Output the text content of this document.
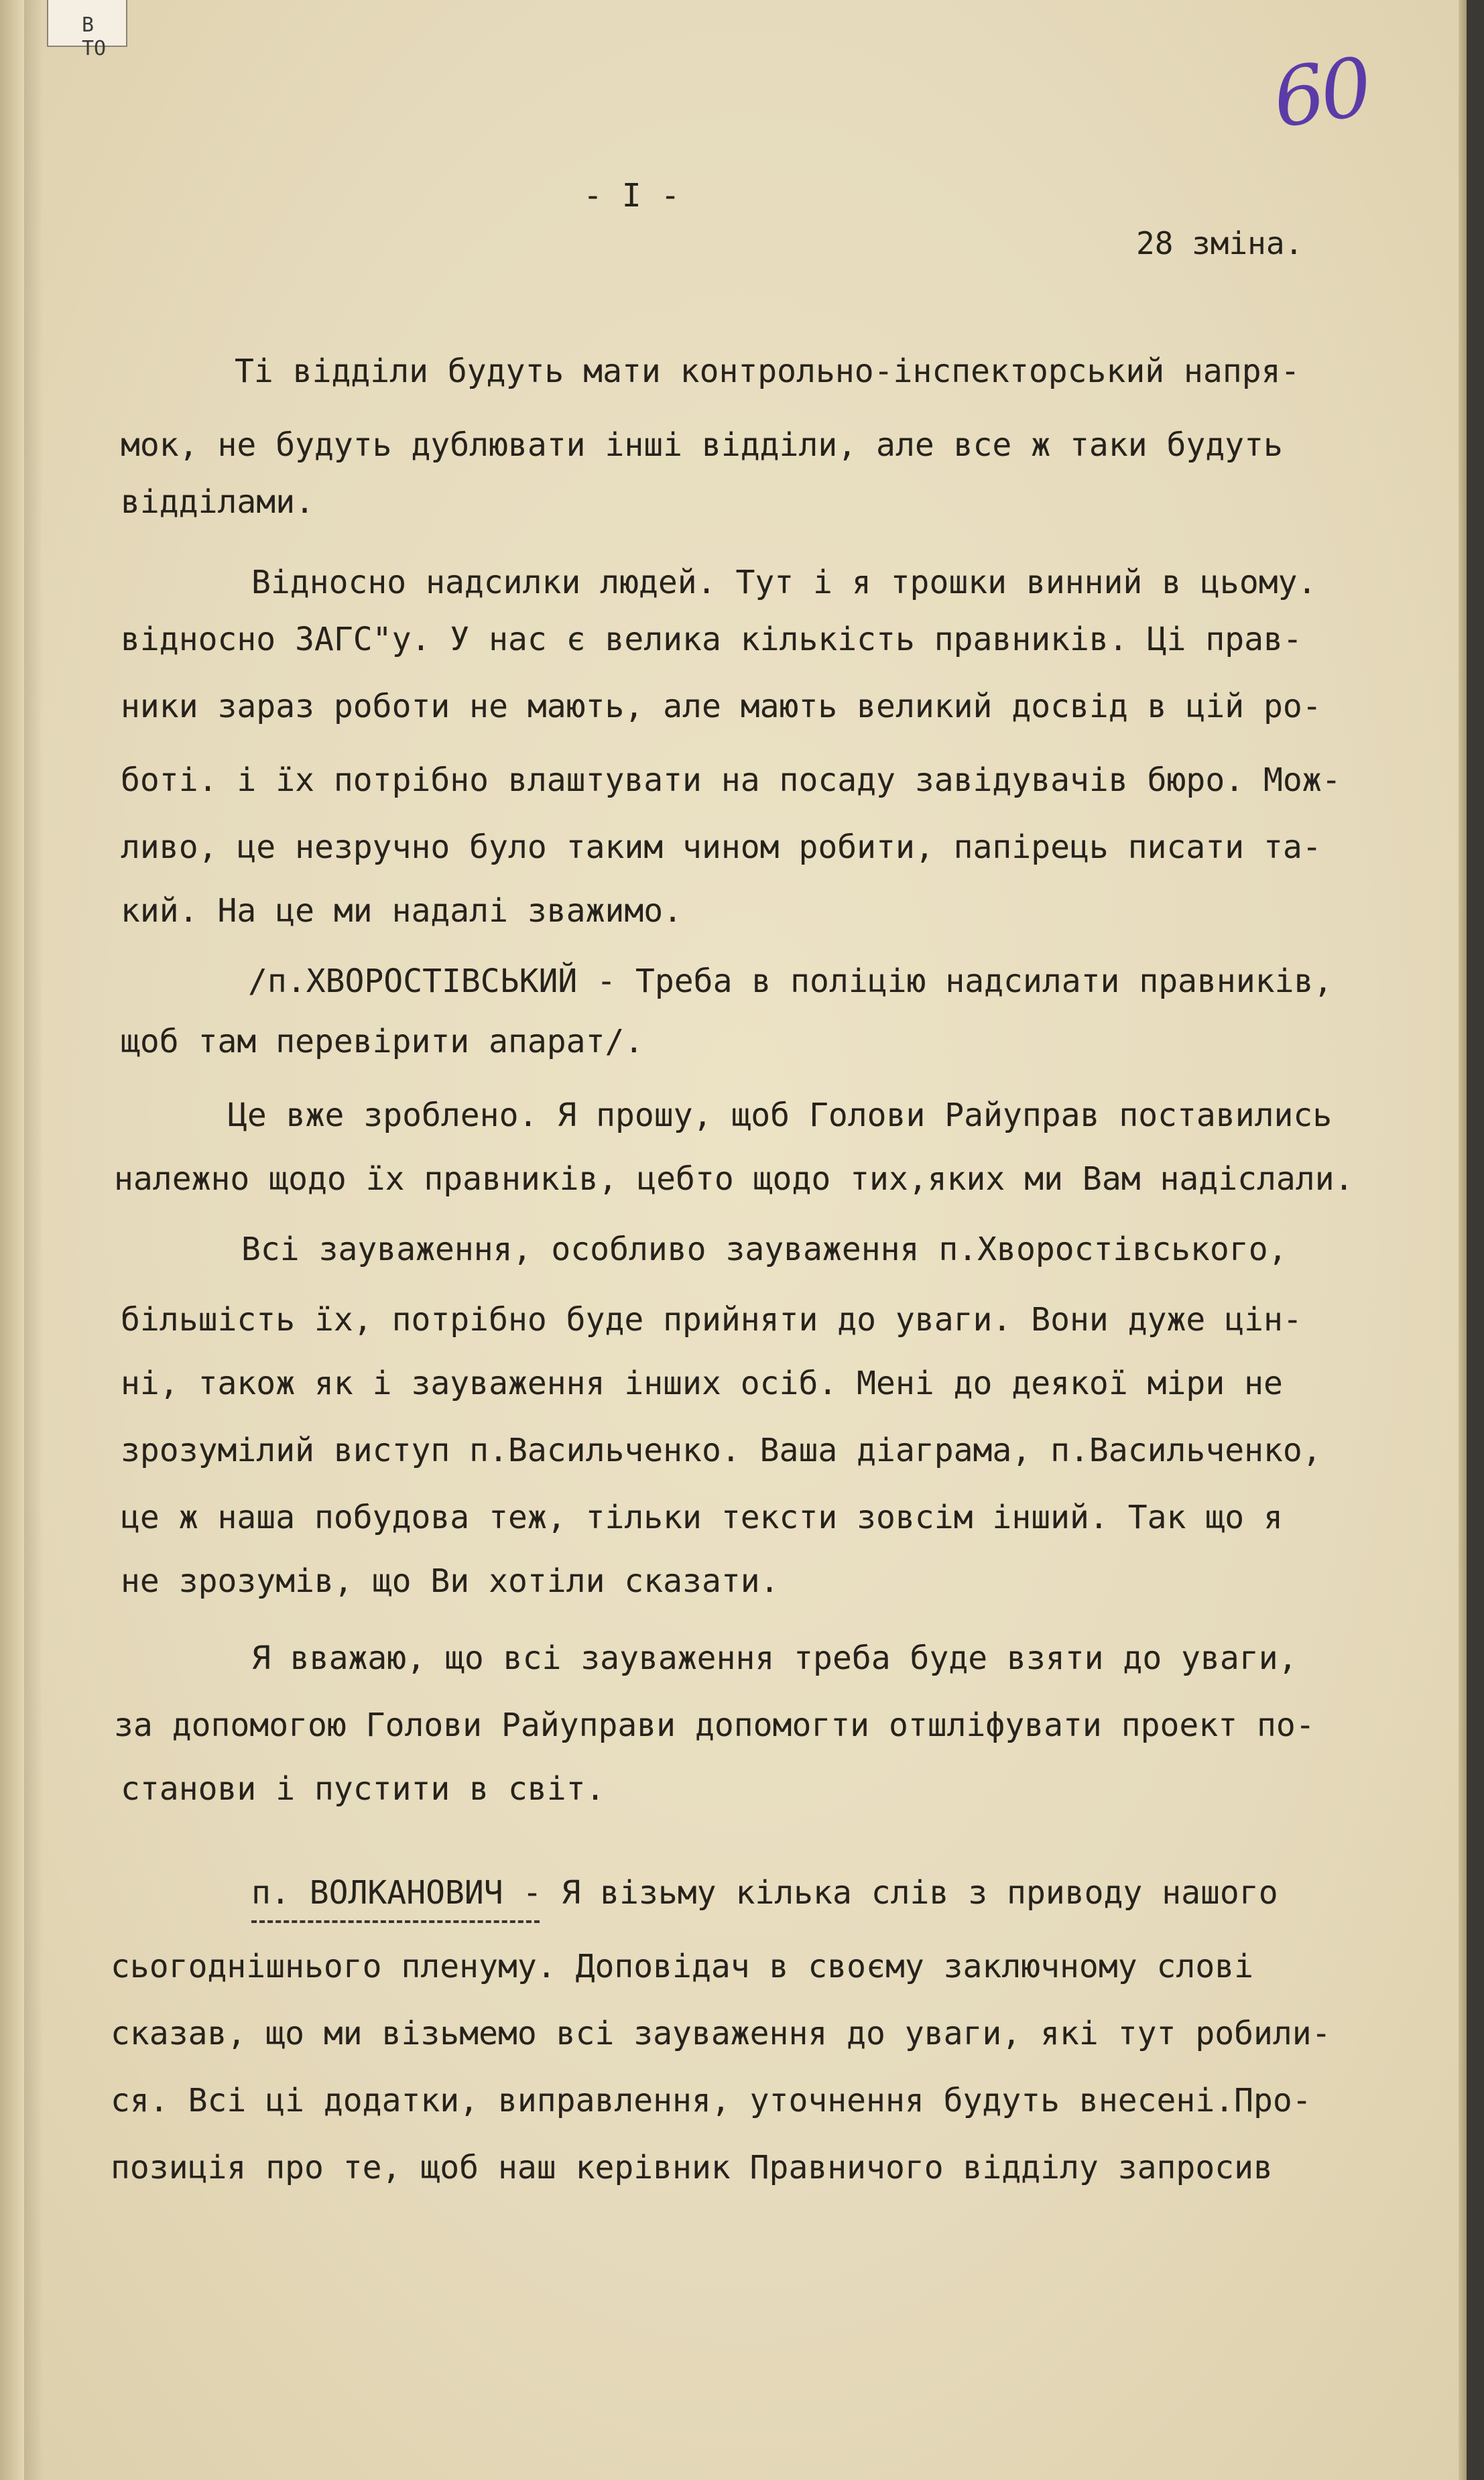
В ТО	60
- I -
28 зміна.
Ті відділи будуть мати контрольно-інспекторський напря-
мок, не будуть дублювати інші відділи, але все ж таки будуть
відділами.
Відносно надсилки людей. Тут і я трошки винний в цьому.
відносно ЗАГС"у. У нас є велика кількість правників. Ці прав-
ники зараз роботи не мають, але мають великий досвід в цій ро-
боті. і їх потрібно влаштувати на посаду завідувачів бюро. Мож-
ливо, це незручно було таким чином робити, папірець писати та-
кий. На це ми надалі зважимо.
/п.ХВОРОСТІВСЬКИЙ - Треба в поліцію надсилати правників,
щоб там перевірити апарат/.
Це вже зроблено. Я прошу, щоб Голови Райуправ поставились
належно щодо їх правників, цебто щодо тих,яких ми Вам надіслали.
Всі зауваження, особливо зауваження п.Хворостівського,
більшість їх, потрібно буде прийняти до уваги. Вони дуже цін-
ні, також як і зауваження інших осіб. Мені до деякої міри не
зрозумілий виступ п.Васильченко. Ваша діаграма, п.Васильченко,
це ж наша побудова теж, тільки тексти зовсім інший. Так що я
не зрозумів, що Ви хотіли сказати.
Я вважаю, що всі зауваження треба буде взяти до уваги,
за допомогою Голови Райуправи допомогти отшліфувати проект по-
станови і пустити в світ.
п. ВОЛКАНОВИЧ - Я візьму кілька слів з приводу нашого
сьогоднішнього пленуму. Доповідач в своєму заключному слові
сказав, що ми візьмемо всі зауваження до уваги, які тут робили-
ся. Всі ці додатки, виправлення, уточнення будуть внесені.Про-
позиція про те, щоб наш керівник Правничого відділу запросив
